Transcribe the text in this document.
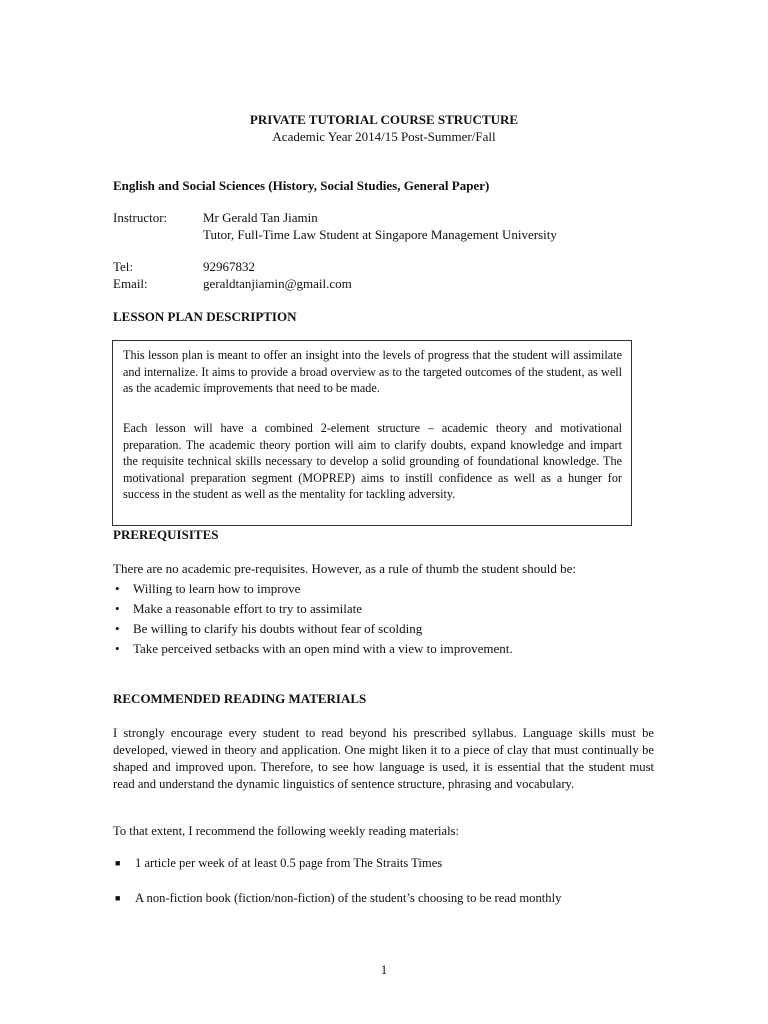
PRIVATE TUTORIAL COURSE STRUCTURE
Academic Year 2014/15 Post-Summer/Fall
English and Social Sciences (History, Social Studies, General Paper)
Instructor:	Mr Gerald Tan Jiamin
Tutor, Full-Time Law Student at Singapore Management University
Tel:	92967832
Email:	geraldtanjiamin@gmail.com
LESSON PLAN DESCRIPTION

This lesson plan is meant to offer an insight into the levels of progress that the student will assimilate and internalize. It aims to provide a broad overview as to the targeted outcomes of the student, as well as the academic improvements that need to be made.

Each lesson will have a combined 2-element structure – academic theory and motivational preparation. The academic theory portion will aim to clarify doubts, expand knowledge and impart the requisite technical skills necessary to develop a solid grounding of foundational knowledge. The motivational preparation segment (MOPREP) aims to instill confidence as well as a hunger for success in the student as well as the mentality for tackling adversity.

PREREQUISITES
There are no academic pre-requisites. However, as a rule of thumb the student should be:
• Willing to learn how to improve
• Make a reasonable effort to try to assimilate
• Be willing to clarify his doubts without fear of scolding
• Take perceived setbacks with an open mind with a view to improvement.
RECOMMENDED READING MATERIALS
I strongly encourage every student to read beyond his prescribed syllabus. Language skills must be developed, viewed in theory and application. One might liken it to a piece of clay that must continually be shaped and improved upon. Therefore, to see how language is used, it is essential that the student must read and understand the dynamic linguistics of sentence structure, phrasing and vocabulary.
To that extent, I recommend the following weekly reading materials:
■ 1 article per week of at least 0.5 page from The Straits Times
■ A non-fiction book (fiction/non-fiction) of the student’s choosing to be read monthly
1
